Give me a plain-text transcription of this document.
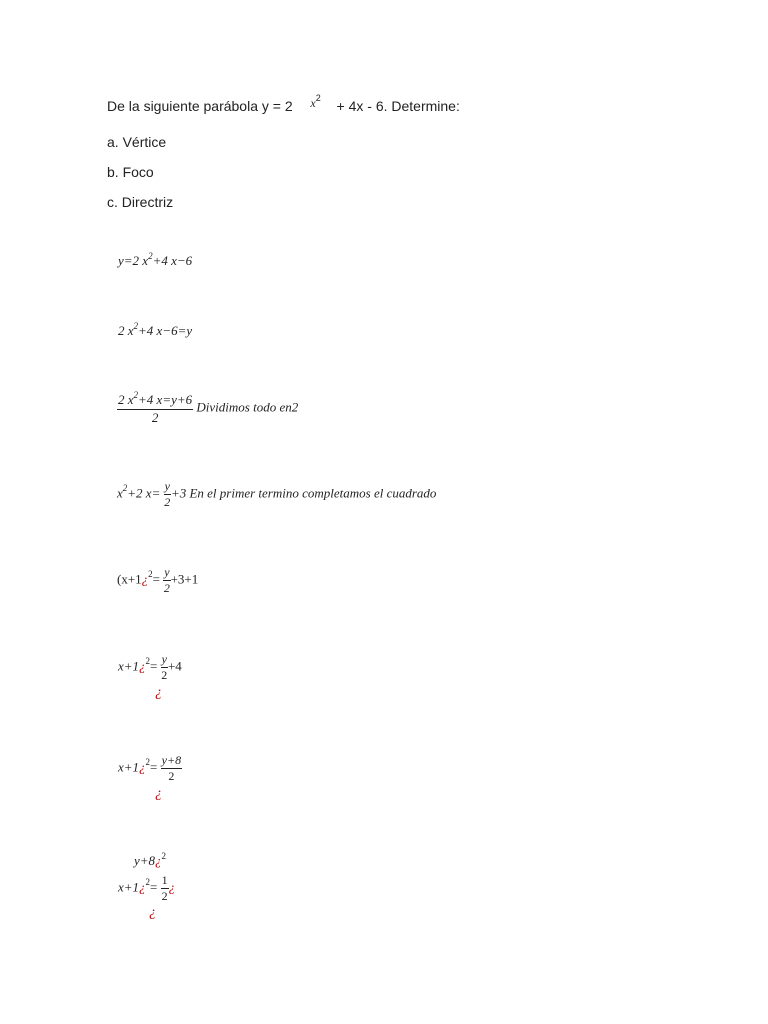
De la siguiente parábola y = 2 $x^2 + 4x - 6$. Determine:
a. Vértice
b. Foco
c. Directriz
y=2 $x^2+4$ x−6
2 $x^2+4$ x−6=y
$\frac{2 x^2+4 x=y+6}{2}$ Dividimos todo en2
$x^2+2$ $x= \frac{y}{2} +3$ En el primer termino completamos el cuadrado
(x+1¿$^2$= $\frac{y}{2} +3+1$
x+1¿$^2$= $\frac{y}{2} +4$
¿
x+1¿$^2$= $\frac{y+8}{2}$
¿
y+8¿$^2$
x+1¿$^2$= $\frac{1}{2}$ ¿
¿
